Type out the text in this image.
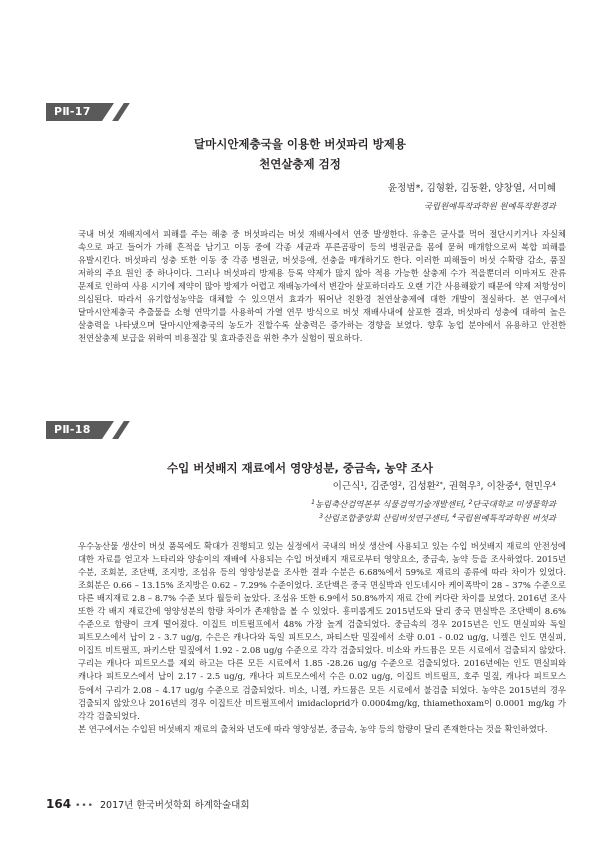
PⅡ-17
달마시안제충국을 이용한 버섯파리 방제용
천연살충제 검정
윤정범*, 김형환, 김동환, 양창열, 서미혜
국립원예특작과학원 원예특작환경과

국내 버섯 재배지에서 피해를 주는 해충 중 버섯파리는 버섯 재배사에서 연중 발생한다. 유충은 균사를 먹어 절단시키거나 자실체 속으로 파고 들어가 가해 흔적을 남기고 이동 중에 각종 세균과 푸른곰팡이 등의 병원균을 몸에 묻혀 매개함으로써 복합 피해를 유발시킨다. 버섯파리 성충 또한 이동 중 각종 병원균, 버섯응애, 선충을 매개하기도 한다. 이러한 피해들이 버섯 수확량 감소, 품질 저하의 주요 원인 중 하나이다. 그러나 버섯파리 방제용 등록 약제가 많지 않아 적용 가능한 살충제 수가 적을뿐더러 이마저도 잔류 문제로 인하여 사용 시기에 제약이 많아 방제가 어렵고 재배농가에서 변갈아 살포하더라도 오랜 기간 사용해왔기 때문에 약제 저항성이 의심된다. 따라서 유기합성농약을 대체할 수 있으면서 효과가 뛰어난 친환경 천연살충제에 대한 개발이 절실하다. 본 연구에서 달마시안제충국 추출물을 소형 연막기를 사용하여 가열 연무 방식으로 버섯 재배사내에 살포한 결과, 버섯파리 성충에 대하여 높은 살충력을 나타냈으며 달마시안제충국의 농도가 진할수록 살충력은 증가하는 경향을 보였다. 향후 농업 분야에서 유용하고 안전한 천연살충제 보급을 위하여 비용절감 및 효과증진을 위한 추가 실험이 필요하다.

PⅡ-18
수입 버섯배지 재료에서 영양성분, 중금속, 농약 조사
이근식$^1$, 김준영$^2$, 김성환$^{2*}$, 권혁우$^3$, 이찬중$^4$, 현민우$^4$
$^1$농림축산검역본부 식물검역기술개발센터, $^2$단국대학교 미생물학과
$^3$산림조합중앙회 산림버섯연구센터, $^4$국립원예특작과학원 버섯과

우수농산물 생산이 버섯 품목에도 확대가 진행되고 있는 실정에서 국내의 버섯 생산에 사용되고 있는 수입 버섯배지 재료의 안전성에 대한 자료를 얻고자 느타리와 양송이의 재배에 사용되는 수입 버섯배지 재료로부터 영양요소, 중금속, 농약 등을 조사하였다. 2015년 수분, 조회분, 조단백, 조지방, 조섬유 등의 영양성분을 조사한 결과 수분은 6.68%에서 59%로 재료의 종류에 따라 차이가 있었다. 조회분은 0.66 – 13.15% 조지방은 0.62 – 7.29% 수준이었다. 조단백은 중국 면실박과 인도네시아 케이폭박이 28 – 37% 수준으로 다른 배지재료 2.8 – 8.7% 수준 보다 월등히 높았다. 조섬유 또한 6.9에서 50.8%까지 재료 간에 커다란 차이를 보였다. 2016년 조사 또한 각 배지 재료간에 영양성분의 함량 차이가 존재함을 볼 수 있었다. 흥미롭게도 2015년도와 달리 중국 면실박은 조단백이 8.6% 수준으로 함량이 크게 떨어졌다. 이집트 비트펄프에서 48% 가장 높게 검출되었다. 중금속의 경우 2015년은 인도 면실피와 독일 피트모스에서 납이 2 - 3.7 ug/g, 수은은 캐나다와 독일 피트모스, 파티스탄 밀짚에서 소량 0.01 - 0.02 ug/g, 니켈은 인도 면실피, 이집트 비트펄프, 파키스탄 밀짚에서 1.92 - 2.08 ug/g 수준으로 각각 검출되었다. 비소와 카드뮴은 모든 시료에서 검출되지 않았다. 구리는 캐나다 피트모스를 제외 하고는 다른 모든 시료에서 1.85 -28.26 ug/g 수준으로 검출되었다. 2016년에는 인도 면실피와 캐나다 피트모스에서 납이 2.17 - 2.5 ug/g, 캐나다 피트모스에서 수은 0.02 ug/g, 이집트 비트펄프, 호주 밀짚, 캐나다 피트모스 등에서 구리가 2.08 – 4.17 ug/g 수준으로 검출되었다. 비소, 니켈, 카드뮴은 모든 시료에서 불검출 되었다. 농약은 2015년의 경우 검출되지 않았으나 2016년의 경우 이집트산 비트펄프에서 imidacloprid가 0.0004mg/kg, thiamethoxam이 0.0001 mg/kg 가 각각 검출되었다.

본 연구에서는 수입된 버섯배지 재료의 출처와 년도에 따라 영양성분, 중금속, 농약 등의 함량이 달리 존재한다는 것을 확인하였다.

164 ••• 2017년 한국버섯학회 하계학술대회
